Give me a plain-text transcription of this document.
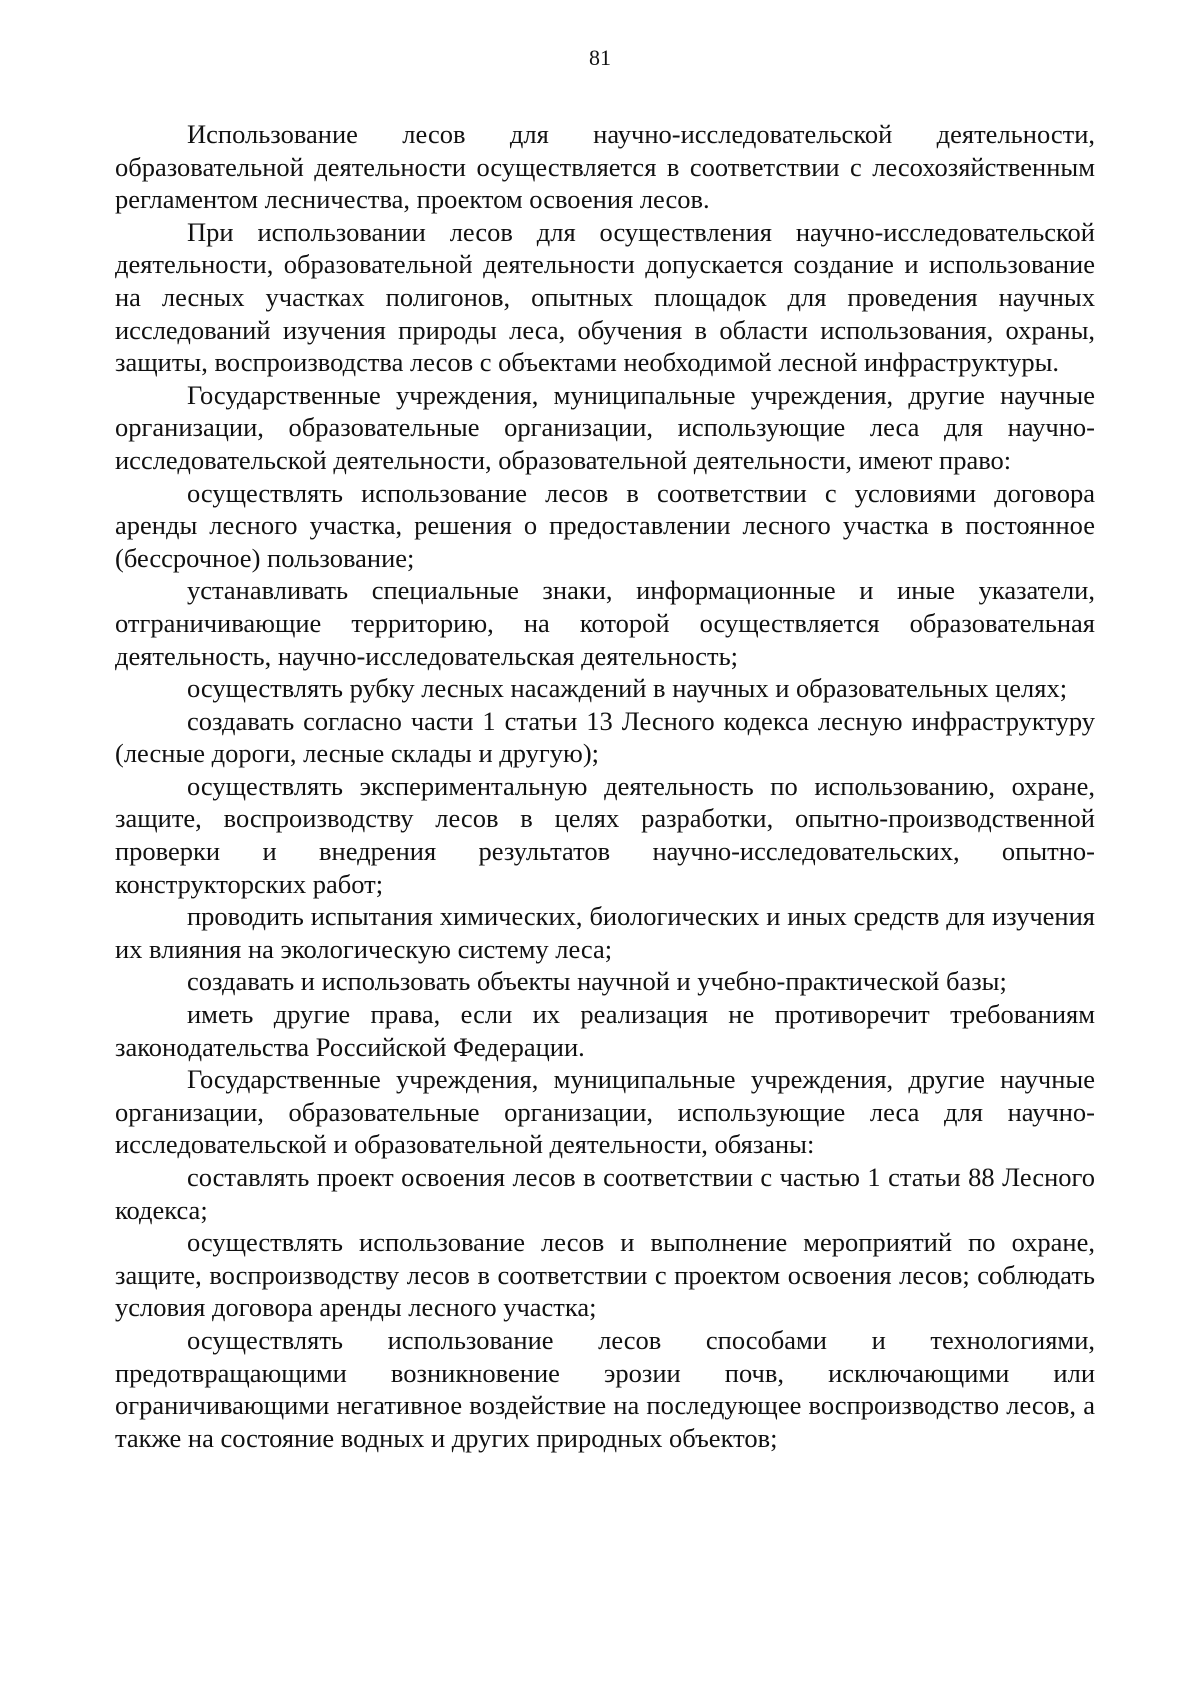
81

Использование лесов для научно-исследовательской деятельности, образовательной деятельности осуществляется в соответствии с лесохозяйственным регламентом лесничества, проектом освоения лесов.

При использовании лесов для осуществления научно-исследовательской деятельности, образовательной деятельности допускается создание и использование на лесных участках полигонов, опытных площадок для проведения научных исследований изучения природы леса, обучения в области использования, охраны, защиты, воспроизводства лесов с объектами необходимой лесной инфраструктуры.

Государственные учреждения, муниципальные учреждения, другие научные организации, образовательные организации, использующие леса для научно-исследовательской деятельности, образовательной деятельности, имеют право:

осуществлять использование лесов в соответствии с условиями договора аренды лесного участка, решения о предоставлении лесного участка в постоянное (бессрочное) пользование;

устанавливать специальные знаки, информационные и иные указатели, отграничивающие территорию, на которой осуществляется образовательная деятельность, научно-исследовательская деятельность;

осуществлять рубку лесных насаждений в научных и образовательных целях;

создавать согласно части 1 статьи 13 Лесного кодекса лесную инфраструктуру (лесные дороги, лесные склады и другую);

осуществлять экспериментальную деятельность по использованию, охране, защите, воспроизводству лесов в целях разработки, опытно-производственной проверки и внедрения результатов научно-исследовательских, опытно-конструкторских работ;

проводить испытания химических, биологических и иных средств для изучения их влияния на экологическую систему леса;

создавать и использовать объекты научной и учебно-практической базы;

иметь другие права, если их реализация не противоречит требованиям законодательства Российской Федерации.

Государственные учреждения, муниципальные учреждения, другие научные организации, образовательные организации, использующие леса для научно-исследовательской и образовательной деятельности, обязаны:

составлять проект освоения лесов в соответствии с частью 1 статьи 88 Лесного кодекса;

осуществлять использование лесов и выполнение мероприятий по охране, защите, воспроизводству лесов в соответствии с проектом освоения лесов; соблюдать условия договора аренды лесного участка;

осуществлять использование лесов способами и технологиями, предотвращающими возникновение эрозии почв, исключающими или ограничивающими негативное воздействие на последующее воспроизводство лесов, а также на состояние водных и других природных объектов;
